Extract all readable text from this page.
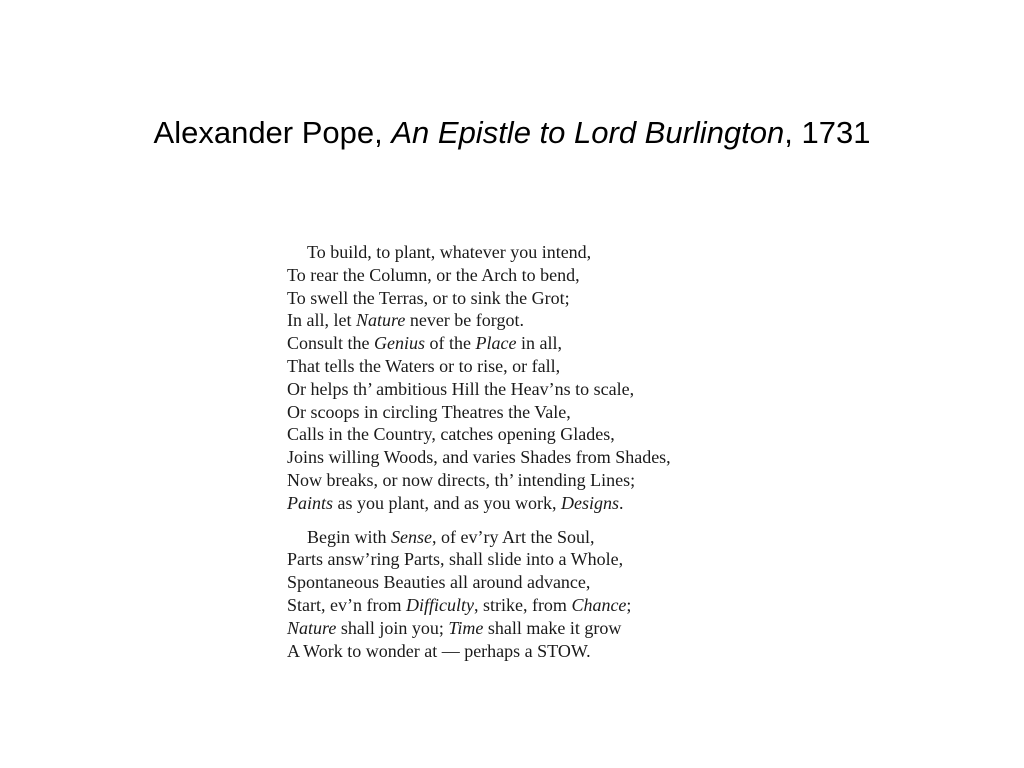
Alexander Pope, An Epistle to Lord Burlington, 1731
To build, to plant, whatever you intend,
To rear the Column, or the Arch to bend,
To swell the Terras, or to sink the Grot;
In all, let Nature never be forgot.
Consult the Genius of the Place in all,
That tells the Waters or to rise, or fall,
Or helps th’ ambitious Hill the Heav’ns to scale,
Or scoops in circling Theatres the Vale,
Calls in the Country, catches opening Glades,
Joins willing Woods, and varies Shades from Shades,
Now breaks, or now directs, th’ intending Lines;
Paints as you plant, and as you work, Designs.
Begin with Sense, of ev’ry Art the Soul,
Parts answ’ring Parts, shall slide into a Whole,
Spontaneous Beauties all around advance,
Start, ev’n from Difficulty, strike, from Chance;
Nature shall join you; Time shall make it grow
A Work to wonder at — perhaps a STOW.
